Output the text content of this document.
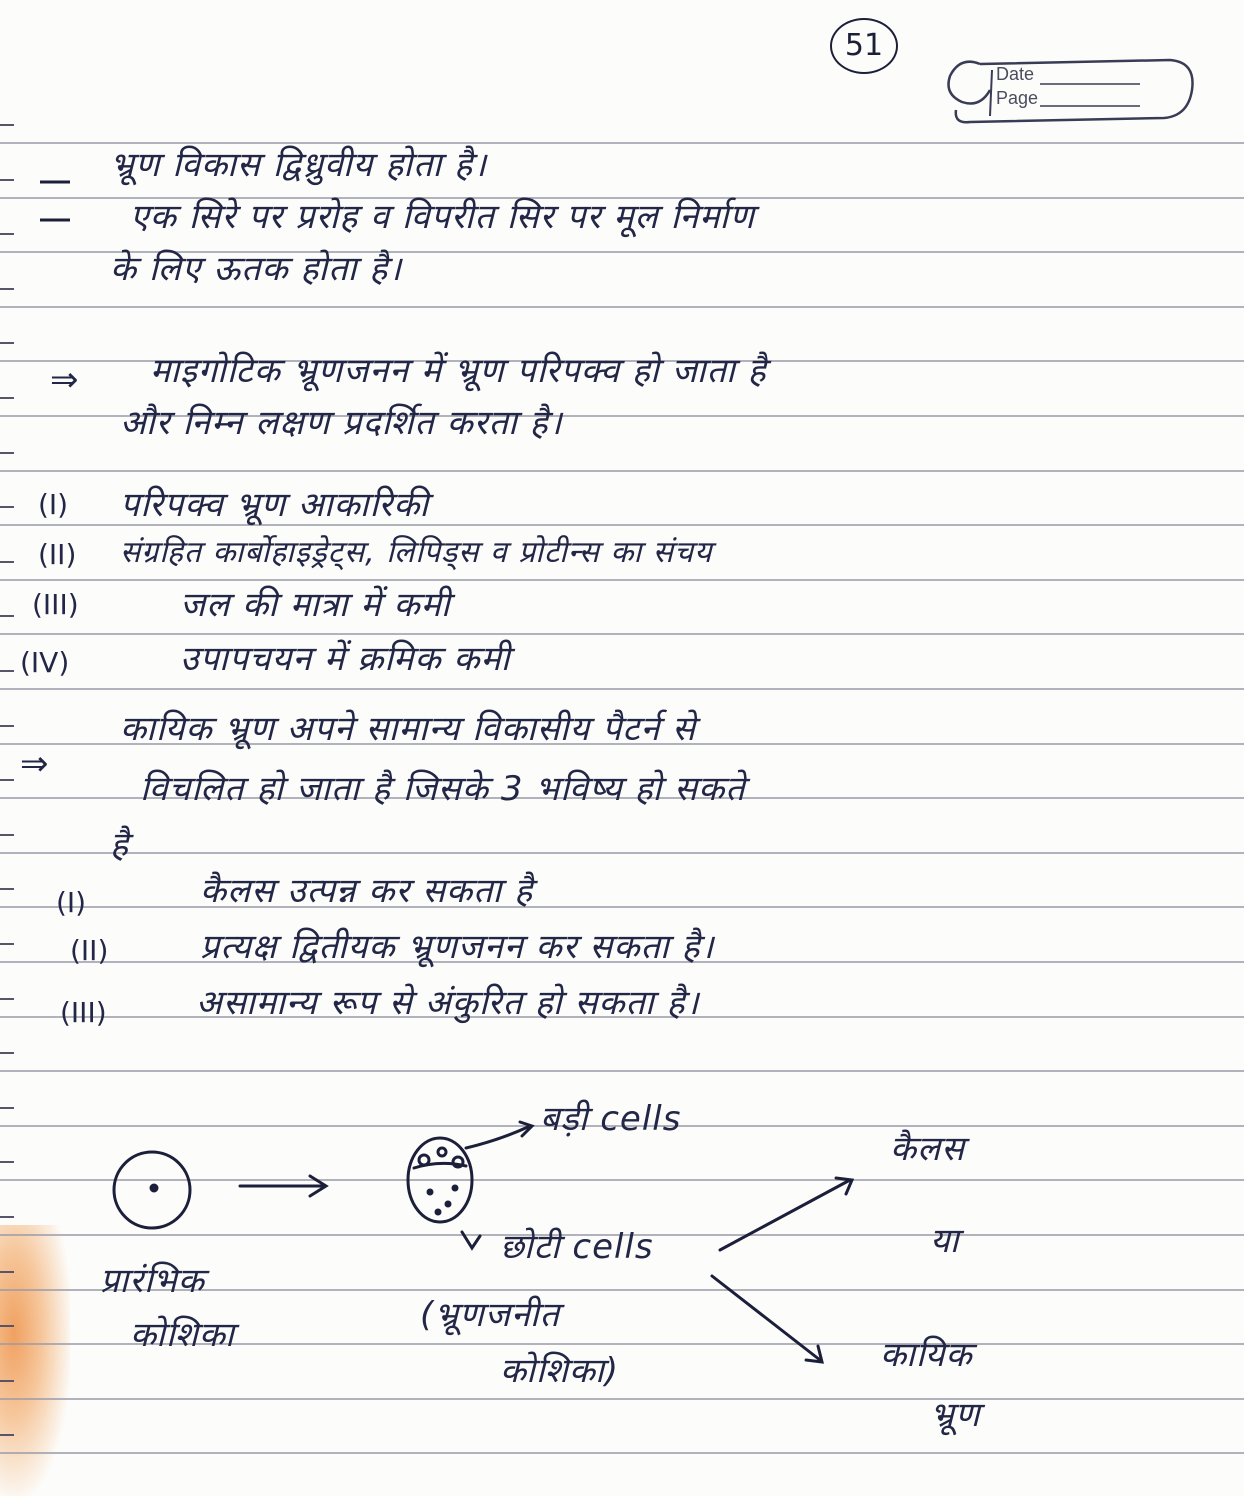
51
Date
Page
भ्रूण विकास द्विध्रुवीय होता है।
एक सिरे पर प्ररोह व विपरीत सिर पर मूल निर्माण
के लिए ऊतक होता है।
⇒ माइगोटिक भ्रूणजनन में भ्रूण परिपक्व हो जाता है
और निम्न लक्षण प्रदर्शित करता है।
(I) परिपक्व भ्रूण आकारिकी
(II) संग्रहित कार्बोहाइड्रेट्स, लिपिड्स व प्रोटीन्स का संचय
(III)	जल की मात्रा में कमी
(IV)	उपापचयन में क्रमिक कमी
⇒
कायिक भ्रूण अपने सामान्य विकासीय पैटर्न से
विचलित हो जाता है जिसके 3 भविष्य हो सकते
है
(I)	कैलस उत्पन्न कर सकता है
(II)	प्रत्यक्ष द्वितीयक भ्रूणजनन कर सकता है।
(III)	असामान्य रूप से अंकुरित हो सकता है।
बड़ी cells
छोटी cells
कैलस
या
कायिक
भ्रूण
प्रारंभिक
कोशिका	(भ्रूणजनीत
कोशिका)
